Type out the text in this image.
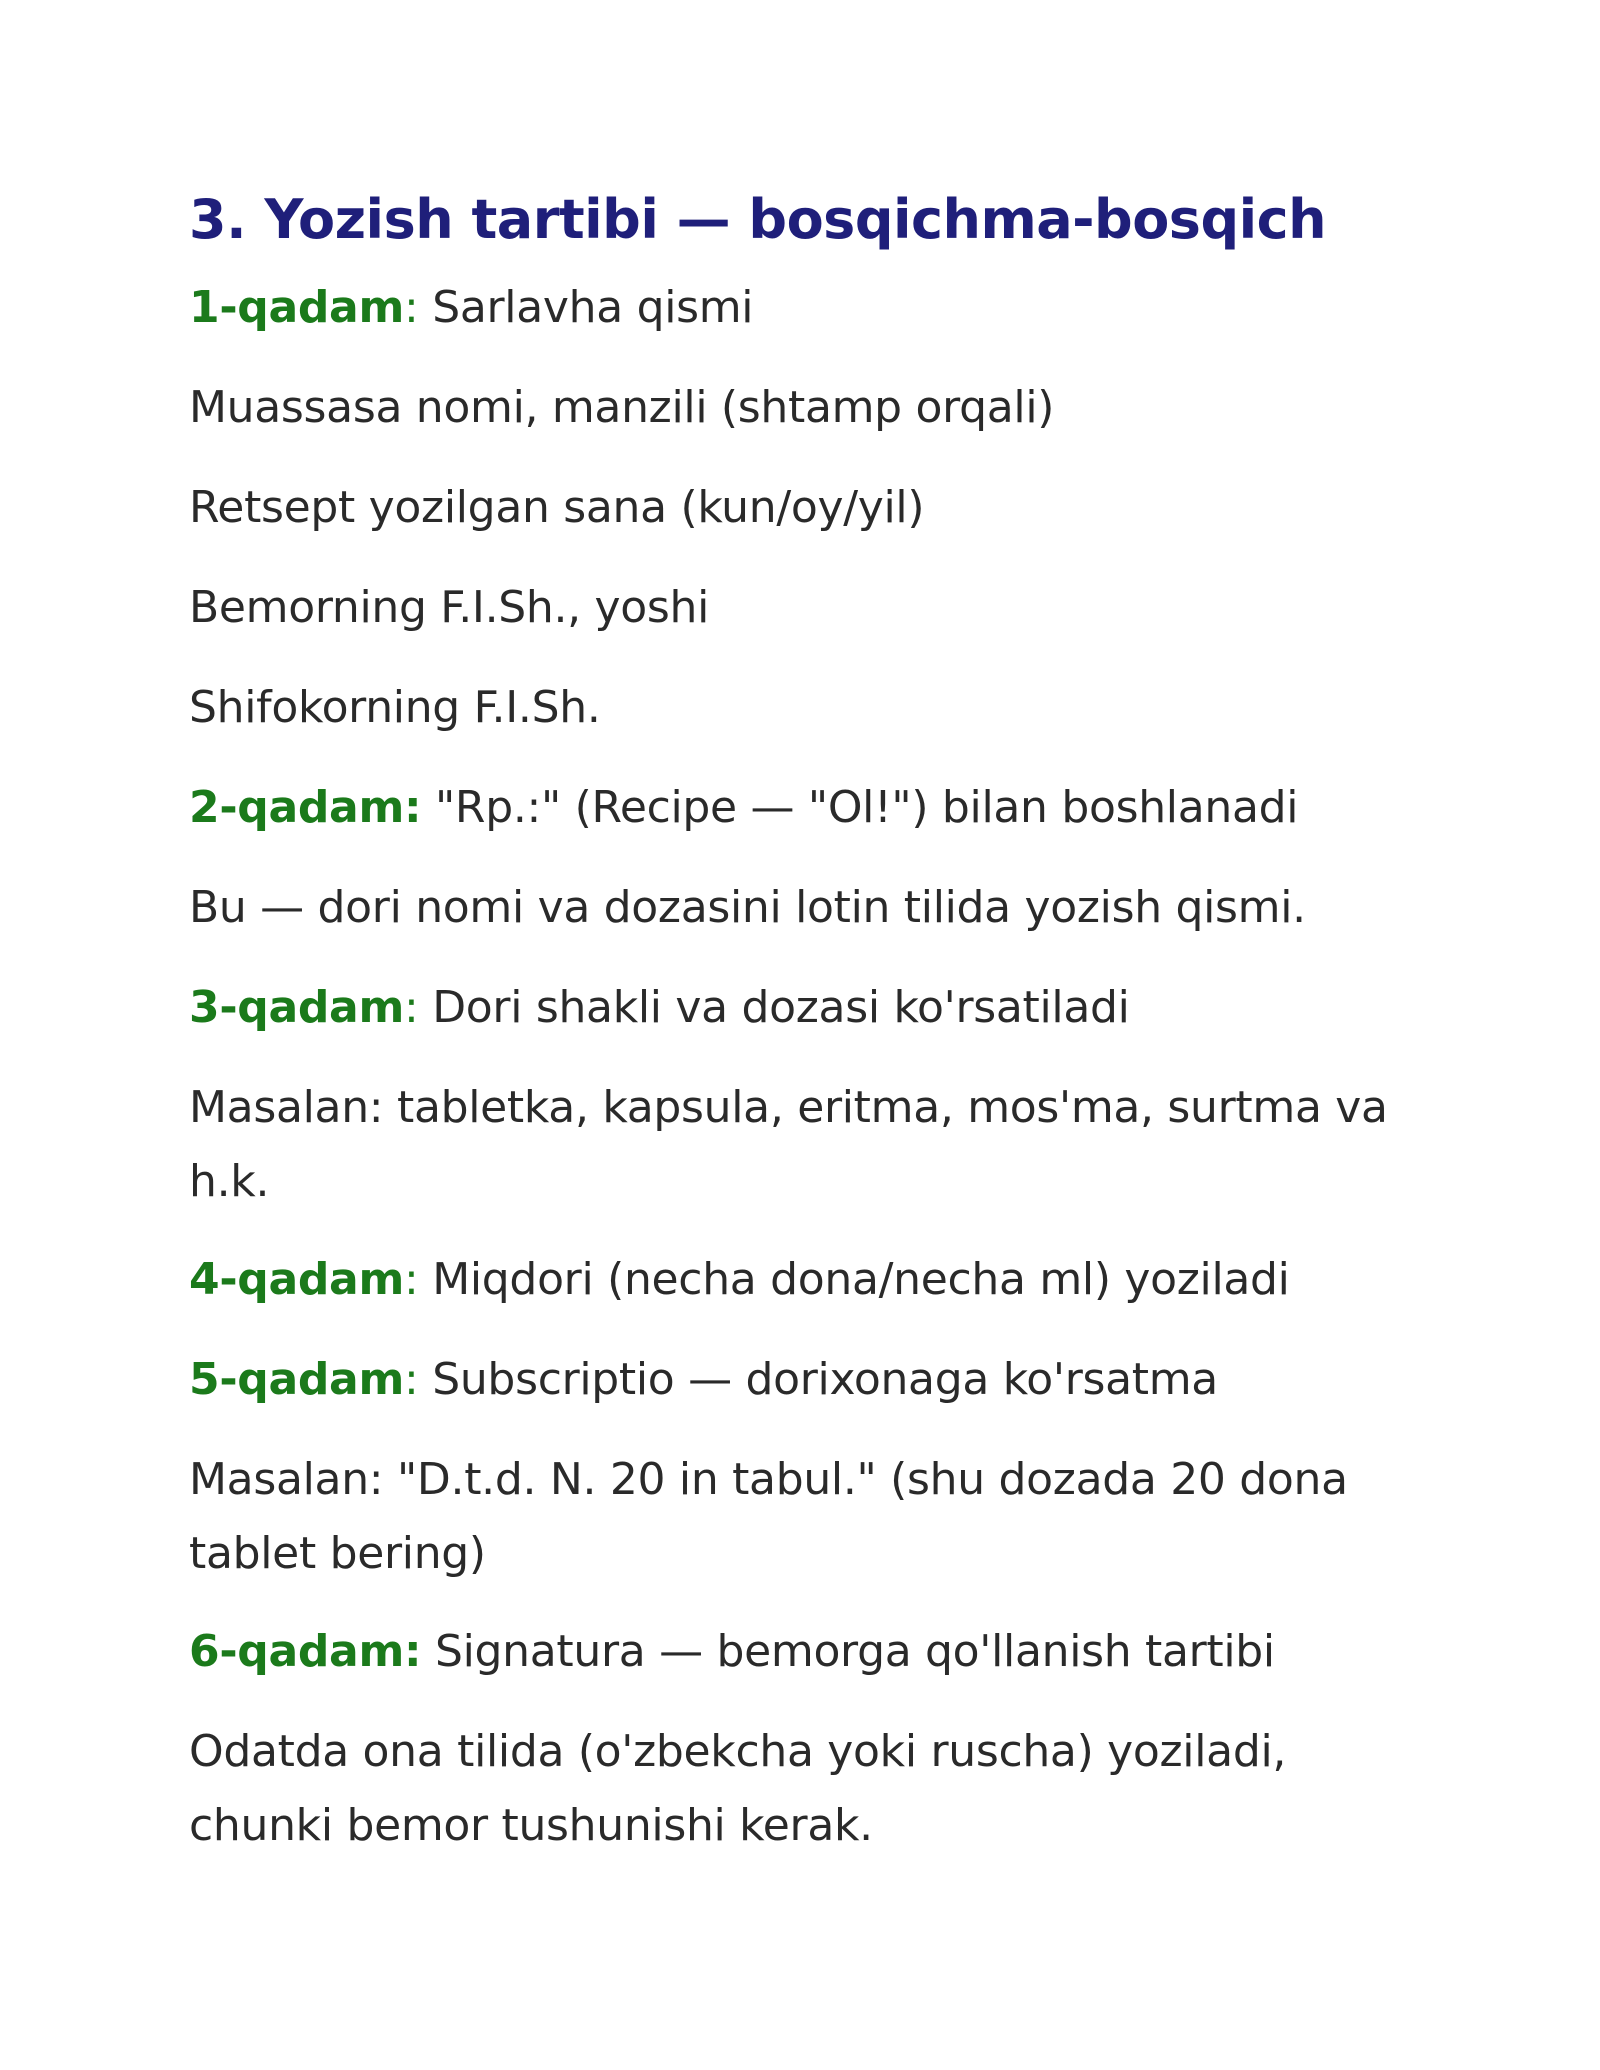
3. Yozish tartibi — bosqichma-bosqich
1-qadam: Sarlavha qismi
Muassasa nomi, manzili (shtamp orqali)
Retsept yozilgan sana (kun/oy/yil)
Bemorning F.I.Sh., yoshi
Shifokorning F.I.Sh.
2-qadam: "Rp.:" (Recipe — "Ol!") bilan boshlanadi
Bu — dori nomi va dozasini lotin tilida yozish qismi.
3-qadam: Dori shakli va dozasi ko'rsatiladi
Masalan: tabletka, kapsula, eritma, mos'ma, surtma va h.k.
4-qadam: Miqdori (necha dona/necha ml) yoziladi
5-qadam: Subscriptio — dorixonaga ko'rsatma
Masalan: "D.t.d. N. 20 in tabul." (shu dozada 20 dona tablet bering)
6-qadam: Signatura — bemorga qo'llanish tartibi
Odatda ona tilida (o'zbekcha yoki ruscha) yoziladi, chunki bemor tushunishi kerak.
